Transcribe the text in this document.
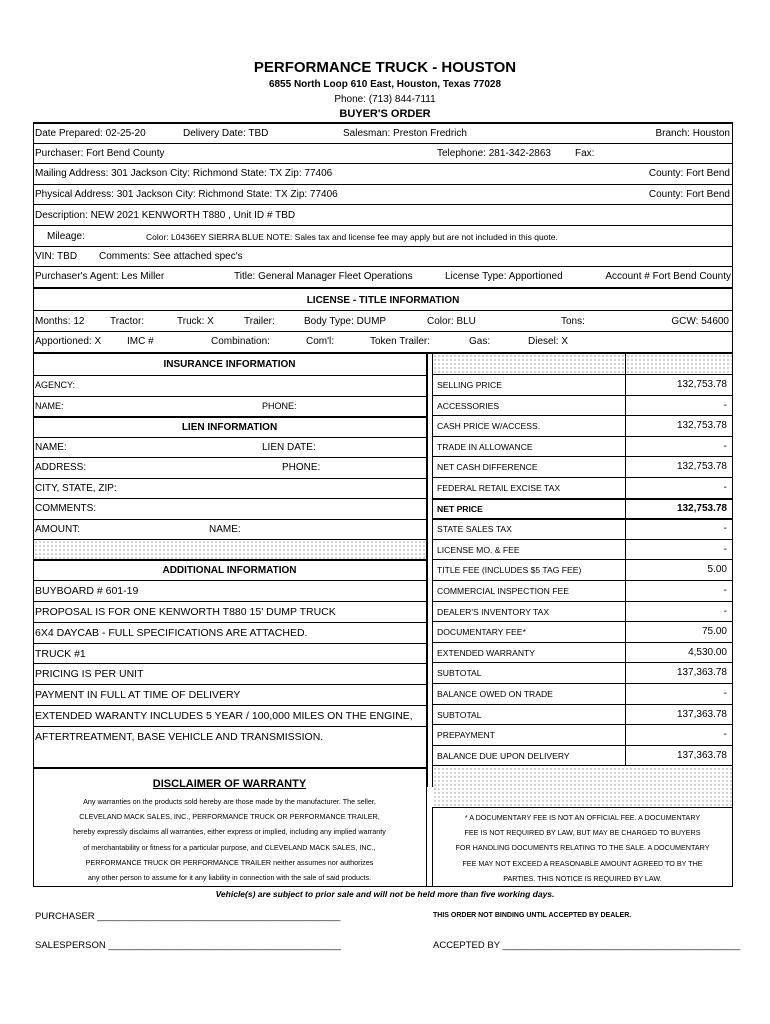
PERFORMANCE TRUCK - HOUSTON
6855 North Loop 610 East, Houston, Texas 77028
Phone: (713) 844-7111
BUYER'S ORDER
Date Prepared: 02-25-20	Delivery Date: TBD	Salesman: Preston Fredrich	Branch: Houston
Purchaser: Fort Bend County	Telephone: 281-342-2863 Fax:
Mailing Address: 301 Jackson City: Richmond State: TX Zip: 77406	County: Fort Bend
Physical Address: 301 Jackson City: Richmond State: TX Zip: 77406	County: Fort Bend
Description: NEW 2021 KENWORTH T880 , Unit ID # TBD
Mileage:	Color: L0436EY SIERRA BLUE NOTE: Sales tax and license fee may apply but are not included in this quote.
VIN: TBD Comments: See attached spec's
Purchaser's Agent: Les Miller	Title: General Manager Fleet Operations	License Type: Apportioned	Account # Fort Bend County
LICENSE - TITLE INFORMATION
Months: 12	Tractor:	Truck: X	Trailer:	Body Type: DUMP	Color: BLU	Tons:	GCW: 54600
Apportioned: X	IMC #	Combination:	Com'l:	Token Trailer:	Gas:	Diesel: X
INSURANCE INFORMATION
AGENCY:
NAME:	PHONE:
LIEN INFORMATION
NAME:	LIEN DATE:
ADDRESS:	PHONE:
CITY, STATE, ZIP:
COMMENTS:
AMOUNT:	NAME:
ADDITIONAL INFORMATION
BUYBOARD # 601-19
PROPOSAL IS FOR ONE KENWORTH T880 15' DUMP TRUCK
6X4 DAYCAB - FULL SPECIFICATIONS ARE ATTACHED.
TRUCK #1
PRICING IS PER UNIT
PAYMENT IN FULL AT TIME OF DELIVERY
EXTENDED WARANTY INCLUDES 5 YEAR / 100,000 MILES ON THE ENGINE,
AFTERTREATMENT, BASE VEHICLE AND TRANSMISSION.
SELLING PRICE	132,753.78
ACCESSORIES	-
CASH PRICE W/ACCESS.	132,753.78
TRADE IN ALLOWANCE	-
NET CASH DIFFERENCE	132,753.78
FEDERAL RETAIL EXCISE TAX	-
NET PRICE	132,753.78
STATE SALES TAX	-
LICENSE MO. & FEE	-
TITLE FEE (INCLUDES $5 TAG FEE)	5.00
COMMERCIAL INSPECTION FEE	-
DEALER'S INVENTORY TAX	-
DOCUMENTARY FEE*	75.00
EXTENDED WARRANTY	4,530.00
SUBTOTAL	137,363.78
BALANCE OWED ON TRADE	-
SUBTOTAL	137,363.78
PREPAYMENT	-
BALANCE DUE UPON DELIVERY	137,363.78
DISCLAIMER OF WARRANTY
Any warranties on the products sold hereby are those made by the manufacturer. The seller,
CLEVELAND MACK SALES, INC., PERFORMANCE TRUCK OR PERFORMANCE TRAILER,
hereby expressly disclaims all warranties, either express or implied, including any implied warranty
of merchantability or fitness for a particular purpose, and CLEVELAND MACK SALES, INC.,
PERFORMANCE TRUCK OR PERFORMANCE TRAILER neither assumes nor authorizes
any other person to assume for it any liability in connection with the sale of said products.
* A DOCUMENTARY FEE IS NOT AN OFFICIAL FEE. A DOCUMENTARY
FEE IS NOT REQUIRED BY LAW, BUT MAY BE CHARGED TO BUYERS
FOR HANDLING DOCUMENTS RELATING TO THE SALE. A DOCUMENTARY
FEE MAY NOT EXCEED A REASONABLE AMOUNT AGREED TO BY THE
PARTIES. THIS NOTICE IS REQUIRED BY LAW.
Vehicle(s) are subject to prior sale and will not be held more than five working days.
PURCHASER ______________________________________________	THIS ORDER NOT BINDING UNTIL ACCEPTED BY DEALER.
SALESPERSON ____________________________________________	ACCEPTED BY _____________________________________________
